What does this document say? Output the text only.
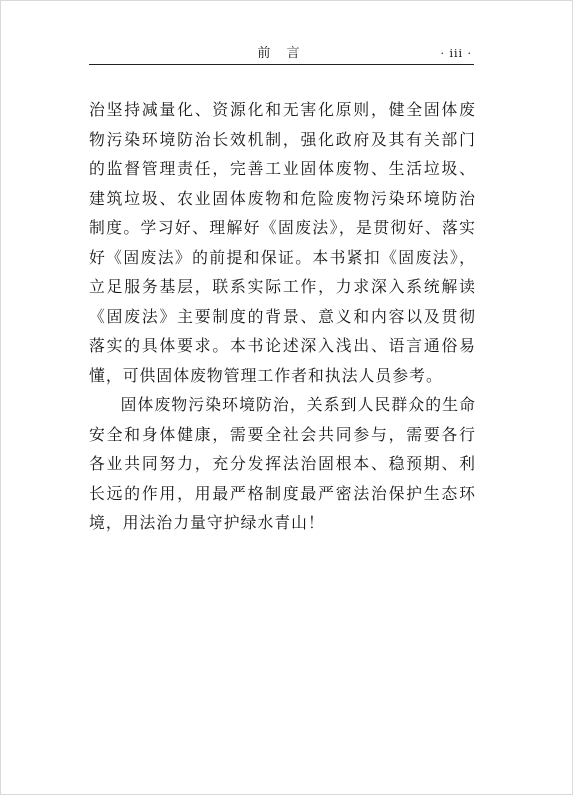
前 言	· iii ·

治坚持减量化、资源化和无害化原则，健全固体废物污染环境防治长效机制，强化政府及其有关部门的监督管理责任，完善工业固体废物、生活垃圾、建筑垃圾、农业固体废物和危险废物污染环境防治制度。学习好、理解好《固废法》，是贯彻好、落实好《固废法》的前提和保证。本书紧扣《固废法》，立足服务基层，联系实际工作，力求深入系统解读《固废法》主要制度的背景、意义和内容以及贯彻落实的具体要求。本书论述深入浅出、语言通俗易懂，可供固体废物管理工作者和执法人员参考。

固体废物污染环境防治，关系到人民群众的生命安全和身体健康，需要全社会共同参与，需要各行各业共同努力，充分发挥法治固根本、稳预期、利长远的作用，用最严格制度最严密法治保护生态环境，用法治力量守护绿水青山！
